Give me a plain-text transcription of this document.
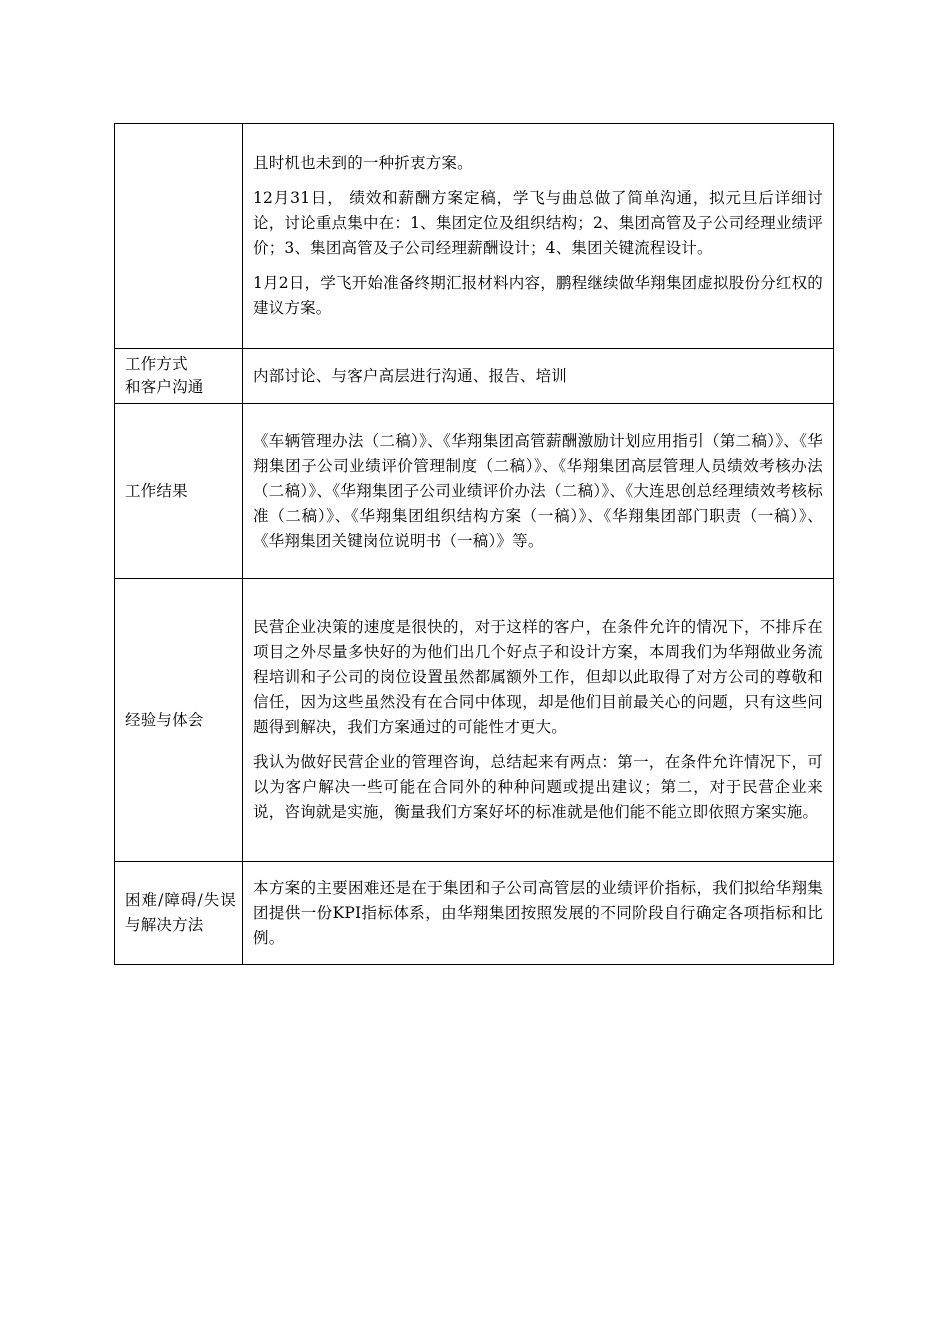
	且时机也未到的一种折衷方案。

12月31日， 绩效和薪酬方案定稿，学飞与曲总做了简单沟通，拟元旦后详细讨论，讨论重点集中在：1、集团定位及组织结构；2、集团高管及子公司经理业绩评价；3、集团高管及子公司经理薪酬设计；4、集团关键流程设计。

1月2日，学飞开始准备终期汇报材料内容，鹏程继续做华翔集团虚拟股份分红权的建议方案。

工作方式
和客户沟通	内部讨论、与客户高层进行沟通、报告、培训
工作结果	《车辆管理办法（二稿）》、《华翔集团高管薪酬激励计划应用指引（第二稿）》、《华翔集团子公司业绩评价管理制度（二稿）》、《华翔集团高层管理人员绩效考核办法（二稿）》、《华翔集团子公司业绩评价办法（二稿）》、《大连思创总经理绩效考核标准（二稿）》、《华翔集团组织结构方案（一稿）》、《华翔集团部门职责（一稿）》、《华翔集团关键岗位说明书（一稿）》等。
经验与体会	民营企业决策的速度是很快的，对于这样的客户，在条件允许的情况下，不排斥在项目之外尽量多快好的为他们出几个好点子和设计方案，本周我们为华翔做业务流程培训和子公司的岗位设置虽然都属额外工作，但却以此取得了对方公司的尊敬和信任，因为这些虽然没有在合同中体现，却是他们目前最关心的问题，只有这些问题得到解决，我们方案通过的可能性才更大。

我认为做好民营企业的管理咨询，总结起来有两点：第一，在条件允许情况下，可以为客户解决一些可能在合同外的种种问题或提出建议；第二，对于民营企业来说，咨询就是实施，衡量我们方案好坏的标准就是他们能不能立即依照方案实施。

困难/障碍/失误与解决方法	本方案的主要困难还是在于集团和子公司高管层的业绩评价指标，我们拟给华翔集团提供一份KPI指标体系，由华翔集团按照发展的不同阶段自行确定各项指标和比例。
